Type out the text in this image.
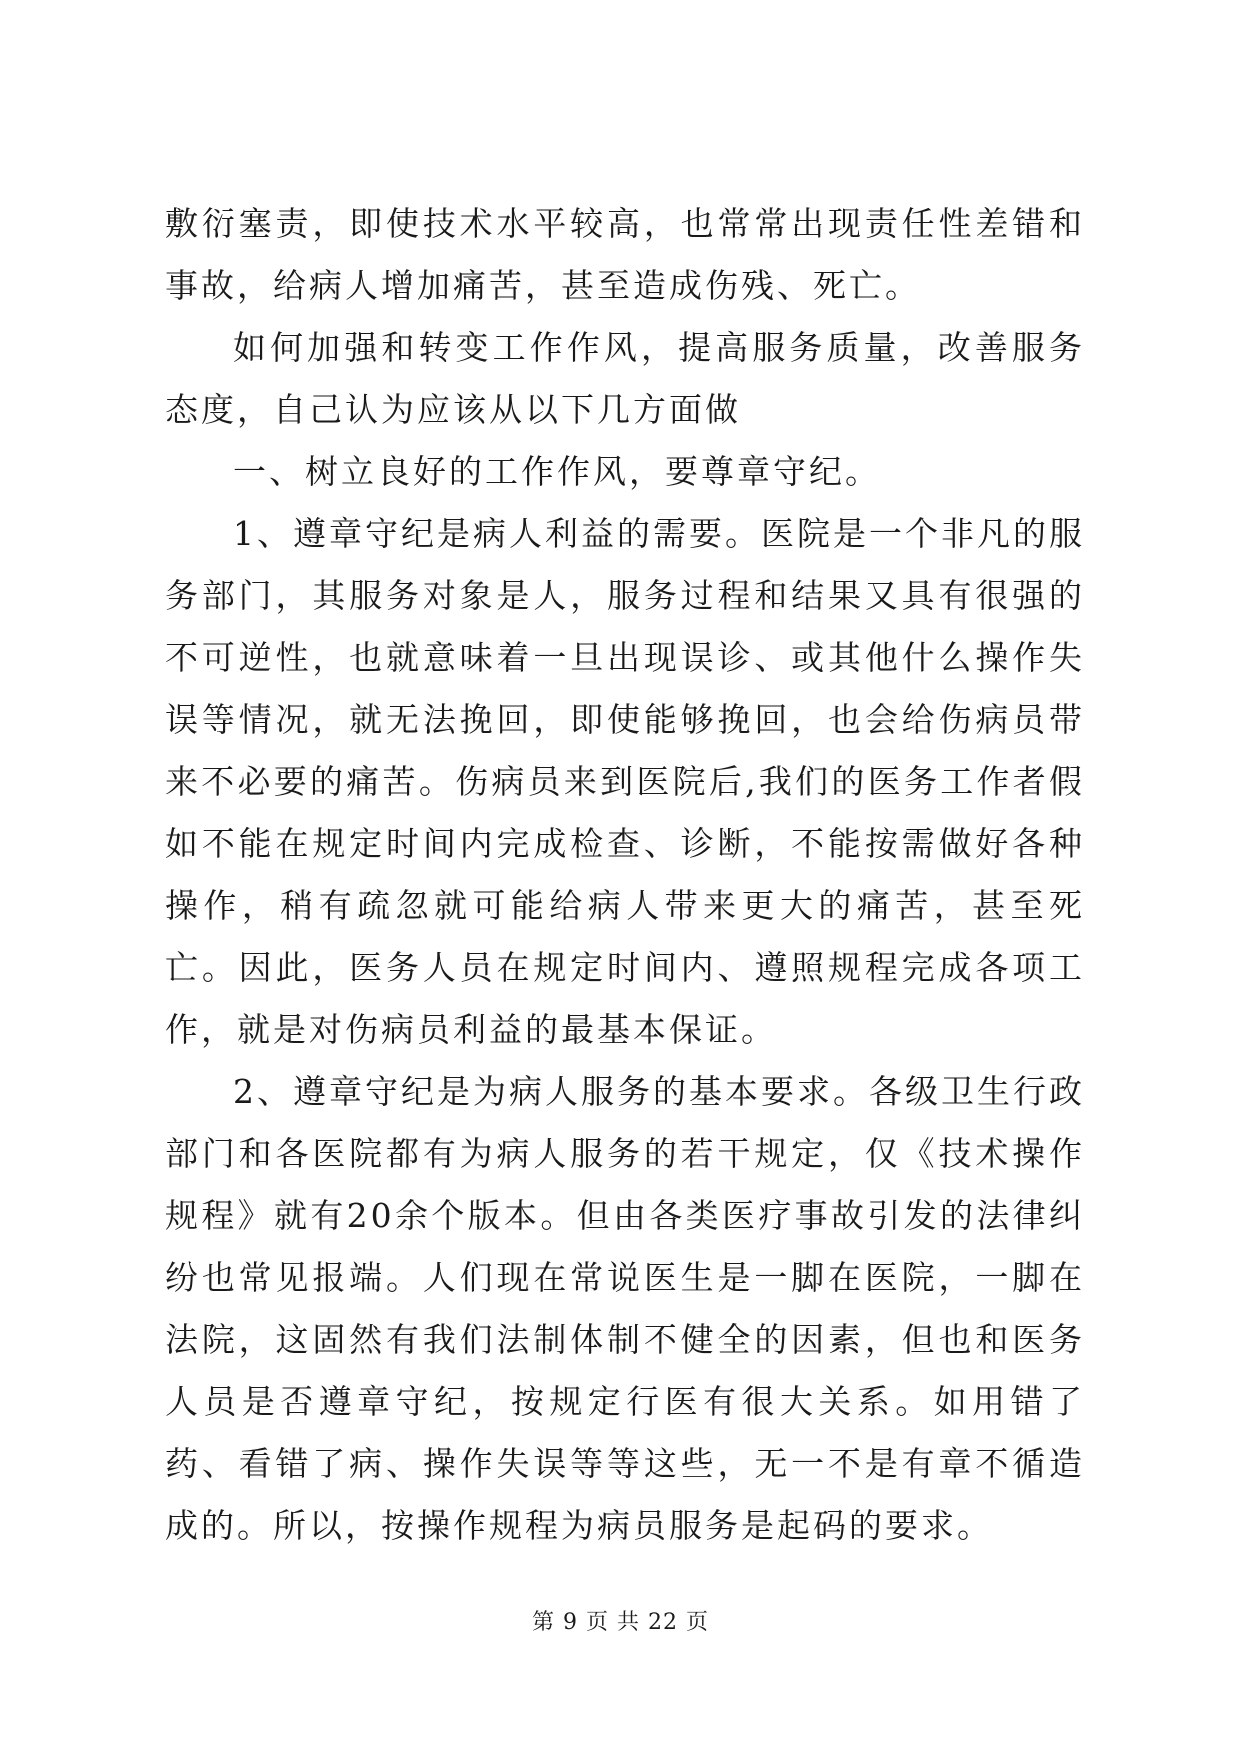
敷衍塞责，即使技术水平较高，也常常出现责任性差错和事故，给病人增加痛苦，甚至造成伤残、死亡。

如何加强和转变工作作风，提高服务质量，改善服务态度，自己认为应该从以下几方面做

一、树立良好的工作作风，要尊章守纪。

1、遵章守纪是病人利益的需要。医院是一个非凡的服务部门，其服务对象是人，服务过程和结果又具有很强的不可逆性，也就意味着一旦出现误诊、或其他什么操作失误等情况，就无法挽回，即使能够挽回，也会给伤病员带来不必要的痛苦。伤病员来到医院后,我们的医务工作者假如不能在规定时间内完成检查、诊断，不能按需做好各种操作，稍有疏忽就可能给病人带来更大的痛苦，甚至死亡。因此，医务人员在规定时间内、遵照规程完成各项工作，就是对伤病员利益的最基本保证。

2、遵章守纪是为病人服务的基本要求。各级卫生行政部门和各医院都有为病人服务的若干规定，仅《技术操作规程》就有20余个版本。但由各类医疗事故引发的法律纠纷也常见报端。人们现在常说医生是一脚在医院，一脚在法院，这固然有我们法制体制不健全的因素，但也和医务人员是否遵章守纪，按规定行医有很大关系。如用错了药、看错了病、操作失误等等这些，无一不是有章不循造成的。所以，按操作规程为病员服务是起码的要求。

第 9 页 共 22 页
